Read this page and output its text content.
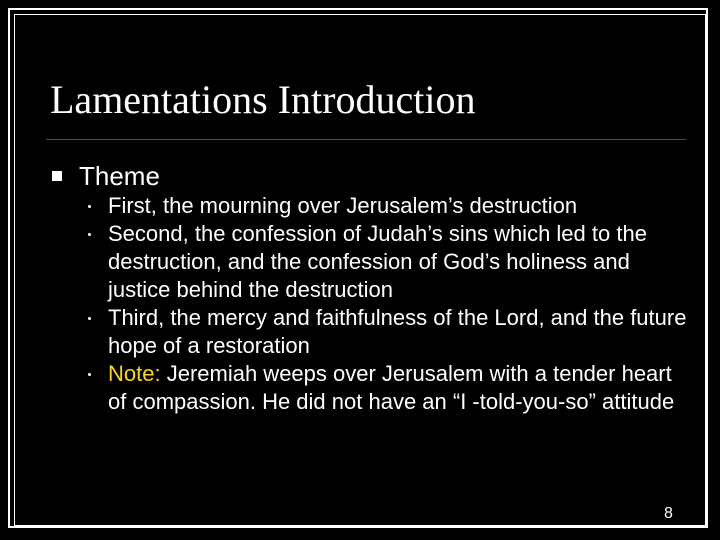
Lamentations Introduction
Theme
First, the mourning over Jerusalem’s destruction
Second, the confession of Judah’s sins which led to the destruction, and the confession of God’s holiness and justice behind the destruction
Third, the mercy and faithfulness of the Lord, and the future hope of a restoration
Note: Jeremiah weeps over Jerusalem with a tender heart of compassion. He did not have an “I -told-you-so” attitude
8
